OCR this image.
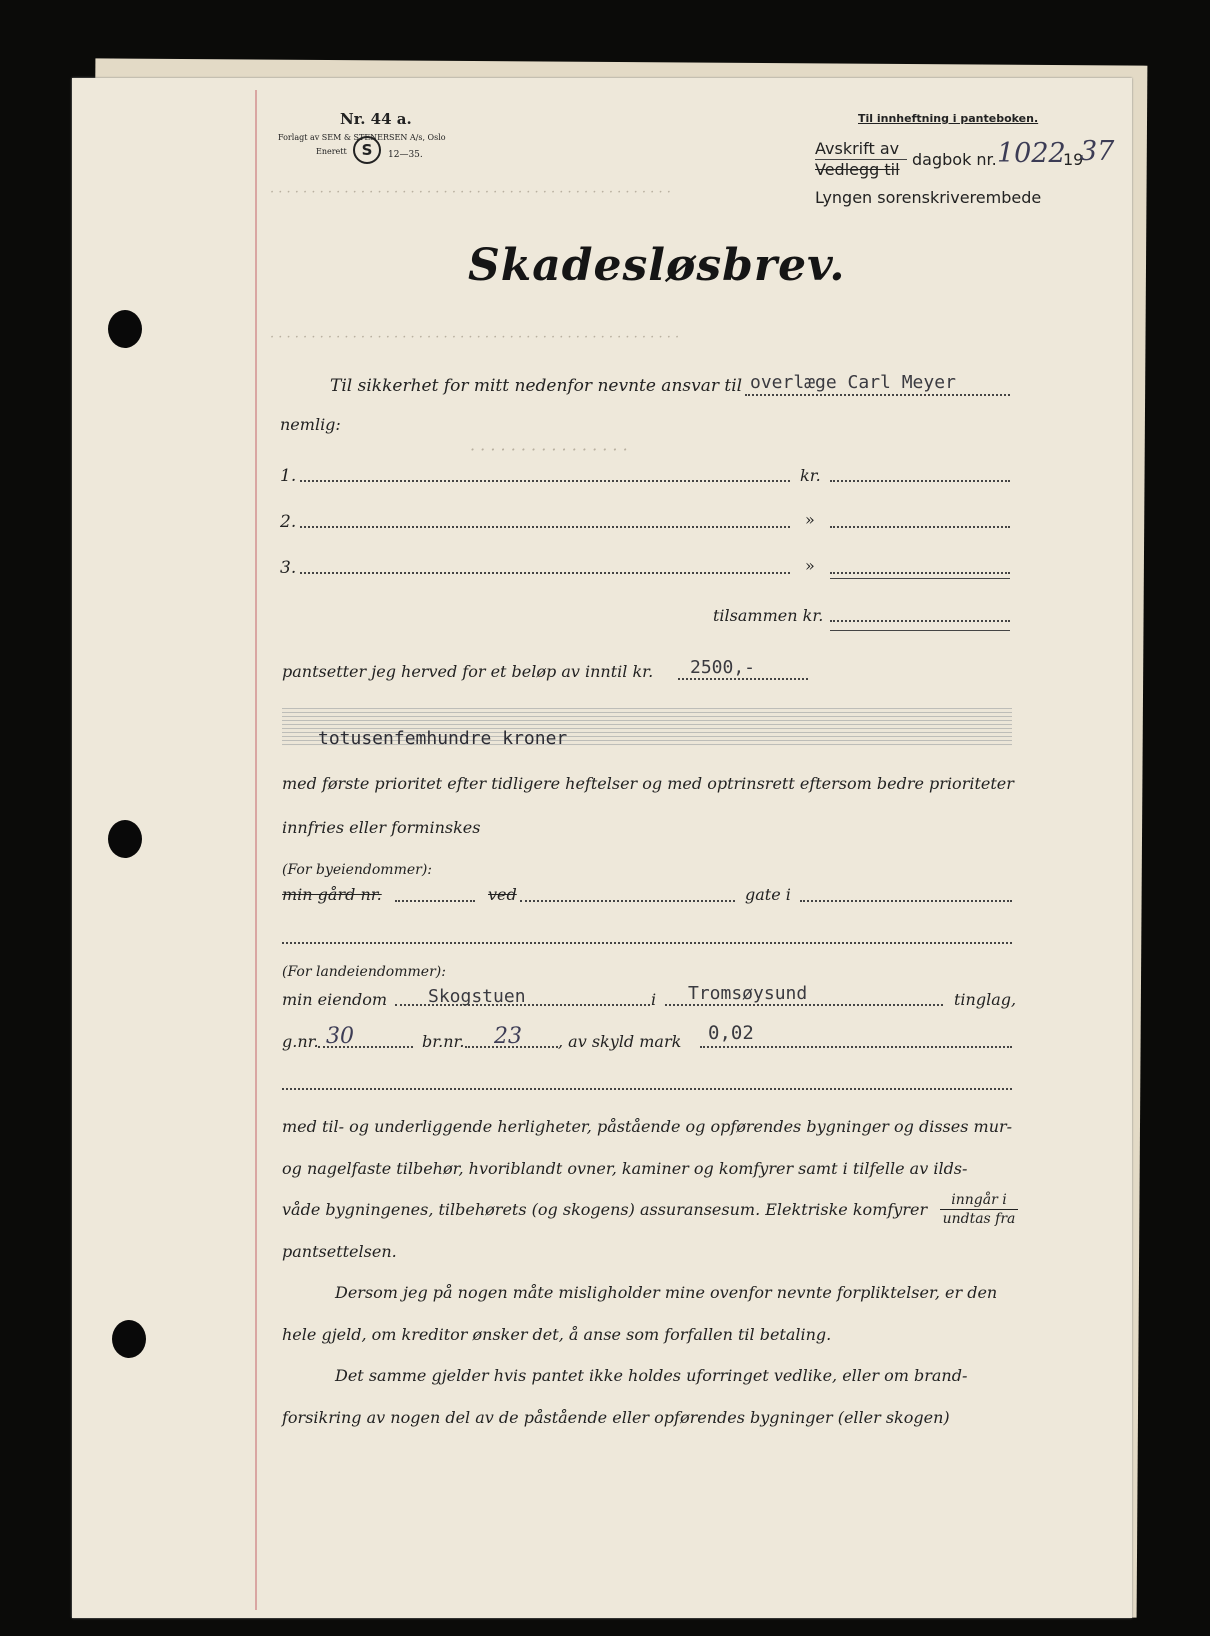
· · · · · · · · · · · · · · · · · · · · · · · · · · · · · · · · · · · · · · · · · · · · · · · · ·
· · · · · · · · · · · · · · · · · · · · · · · · · · · · · · · · · · · · · · · · · · · · · · · · · ·
· · · · · · · · · · · · · · · ·
Nr. 44 a.
Forlagt av SEM & STENERSEN A/s, Oslo
Enerett S	12—35.
Til innheftning i panteboken.
Avskrift av
Vedlegg til
dagbok nr. 1022
19
37
Lyngen sorenskriverembede
Skadesløsbrev.
Til sikkerhet for mitt nedenfor nevnte ansvar til overlæge Carl Meyer
nemlig:
1.	kr.
2.	»
3.	»
tilsammen kr.
pantsetter jeg herved for et beløp av inntil kr. 2500,-
totusenfemhundre kroner
med første prioritet efter tidligere heftelser og med optrinsrett eftersom bedre prioriteter
innfries eller forminskes
(For byeiendommer):
min gård nr.	ved	gate i
(For landeiendommer):
min eiendom Skogstuen	i Tromsøysund	tinglag,
g.nr. 30	br.nr. 23 , av skyld mark 0,02
med til- og underliggende herligheter, påstående og opførendes bygninger og disses mur-
og nagelfaste tilbehør, hvoriblandt ovner, kaminer og komfyrer samt i tilfelle av ilds-
våde bygningenes, tilbehørets (og skogens) assuransesum. Elektriske komfyrer	inngår i
undtas fra
pantsettelsen.
Dersom jeg på nogen måte misligholder mine ovenfor nevnte forpliktelser, er den
hele gjeld, om kreditor ønsker det, å anse som forfallen til betaling.
Det samme gjelder hvis pantet ikke holdes uforringet vedlike, eller om brand-
forsikring av nogen del av de påstående eller opførendes bygninger (eller skogen)
